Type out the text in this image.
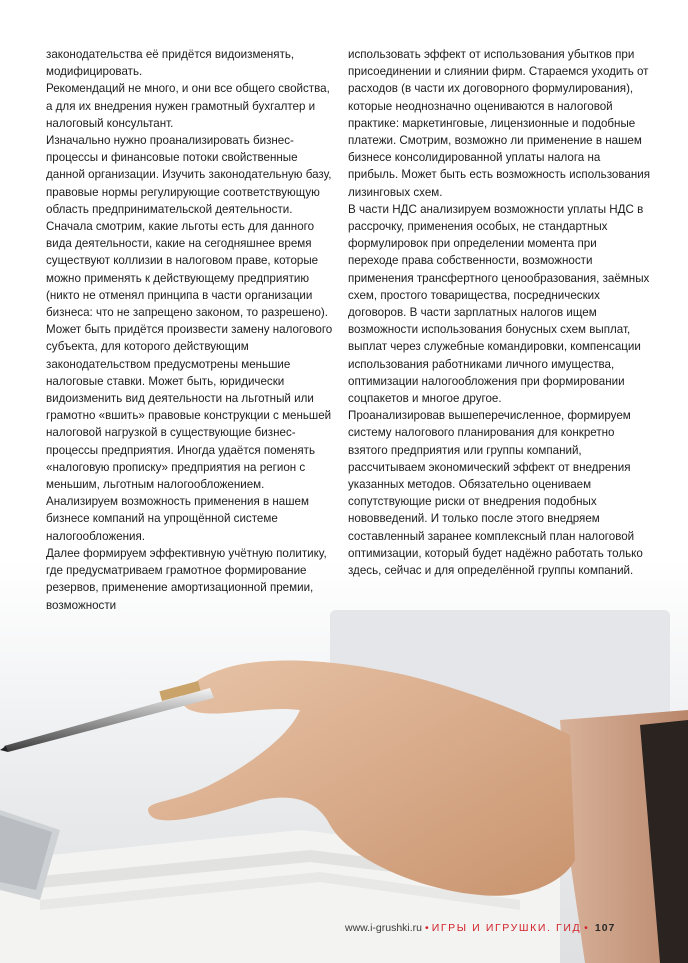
законодательства её придётся видоизменять, модифицировать.

Рекомендаций не много, и они все общего свойства, а для их внедрения нужен грамотный бухгалтер и налоговый консультант.

Изначально нужно проанализировать бизнес-процессы и финансовые потоки свойственные данной организации. Изучить законодательную базу, правовые нормы регулирующие соответствующую область предпринимательской деятельности.

Сначала смотрим, какие льготы есть для данного вида деятельности, какие на сегодняшнее время существуют коллизии в налоговом праве, которые можно применять к действующему предприятию (никто не отменял принципа в части организации бизнеса: что не запрещено законом, то разрешено). Может быть придётся произвести замену налогового субъекта, для которого действующим законодательством предусмотрены меньшие налоговые ставки. Может быть, юридически видоизменить вид деятельности на льготный или грамотно «вшить» правовые конструкции с меньшей налоговой нагрузкой в существующие бизнес-процессы предприятия. Иногда удаётся поменять «налоговую прописку» предприятия на регион с меньшим, льготным налогообложением. Анализируем возможность применения в нашем бизнесе компаний на упрощённой системе налогообложения.

Далее формируем эффективную учётную политику, где предусматриваем грамотное формирование резервов, применение амортизационной премии, возможности

использовать эффект от использования убытков при присоединении и слиянии фирм. Стараемся уходить от расходов (в части их договорного формулирования), которые неоднозначно оцениваются в налоговой практике: маркетинговые, лицензионные и подобные платежи. Смотрим, возможно ли применение в нашем бизнесе консолидированной уплаты налога на прибыль. Может быть есть возможность использования лизинговых схем.

В части НДС анализируем возможности уплаты НДС в рассрочку, применения особых, не стандартных формулировок при определении момента при переходе права собственности, возможности применения трансфертного ценообразования, заёмных схем, простого товарищества, посреднических договоров. В части зарплатных налогов ищем возможности использования бонусных схем выплат, выплат через служебные командировки, компенсации использования работниками личного имущества, оптимизации налогообложения при формировании соцпакетов и многое другое.

Проанализировав вышеперечисленное, формируем систему налогового планирования для конкретно взятого предприятия или группы компаний, рассчитываем экономический эффект от внедрения указанных методов. Обязательно оцениваем сопутствующие риски от внедрения подобных нововведений. И только после этого внедряем составленный заранее комплексный план налоговой оптимизации, который будет надёжно работать только здесь, сейчас и для определённой группы компаний.

www.i-grushki.ru • ИГРЫ И ИГРУШКИ. ГИД • 107
